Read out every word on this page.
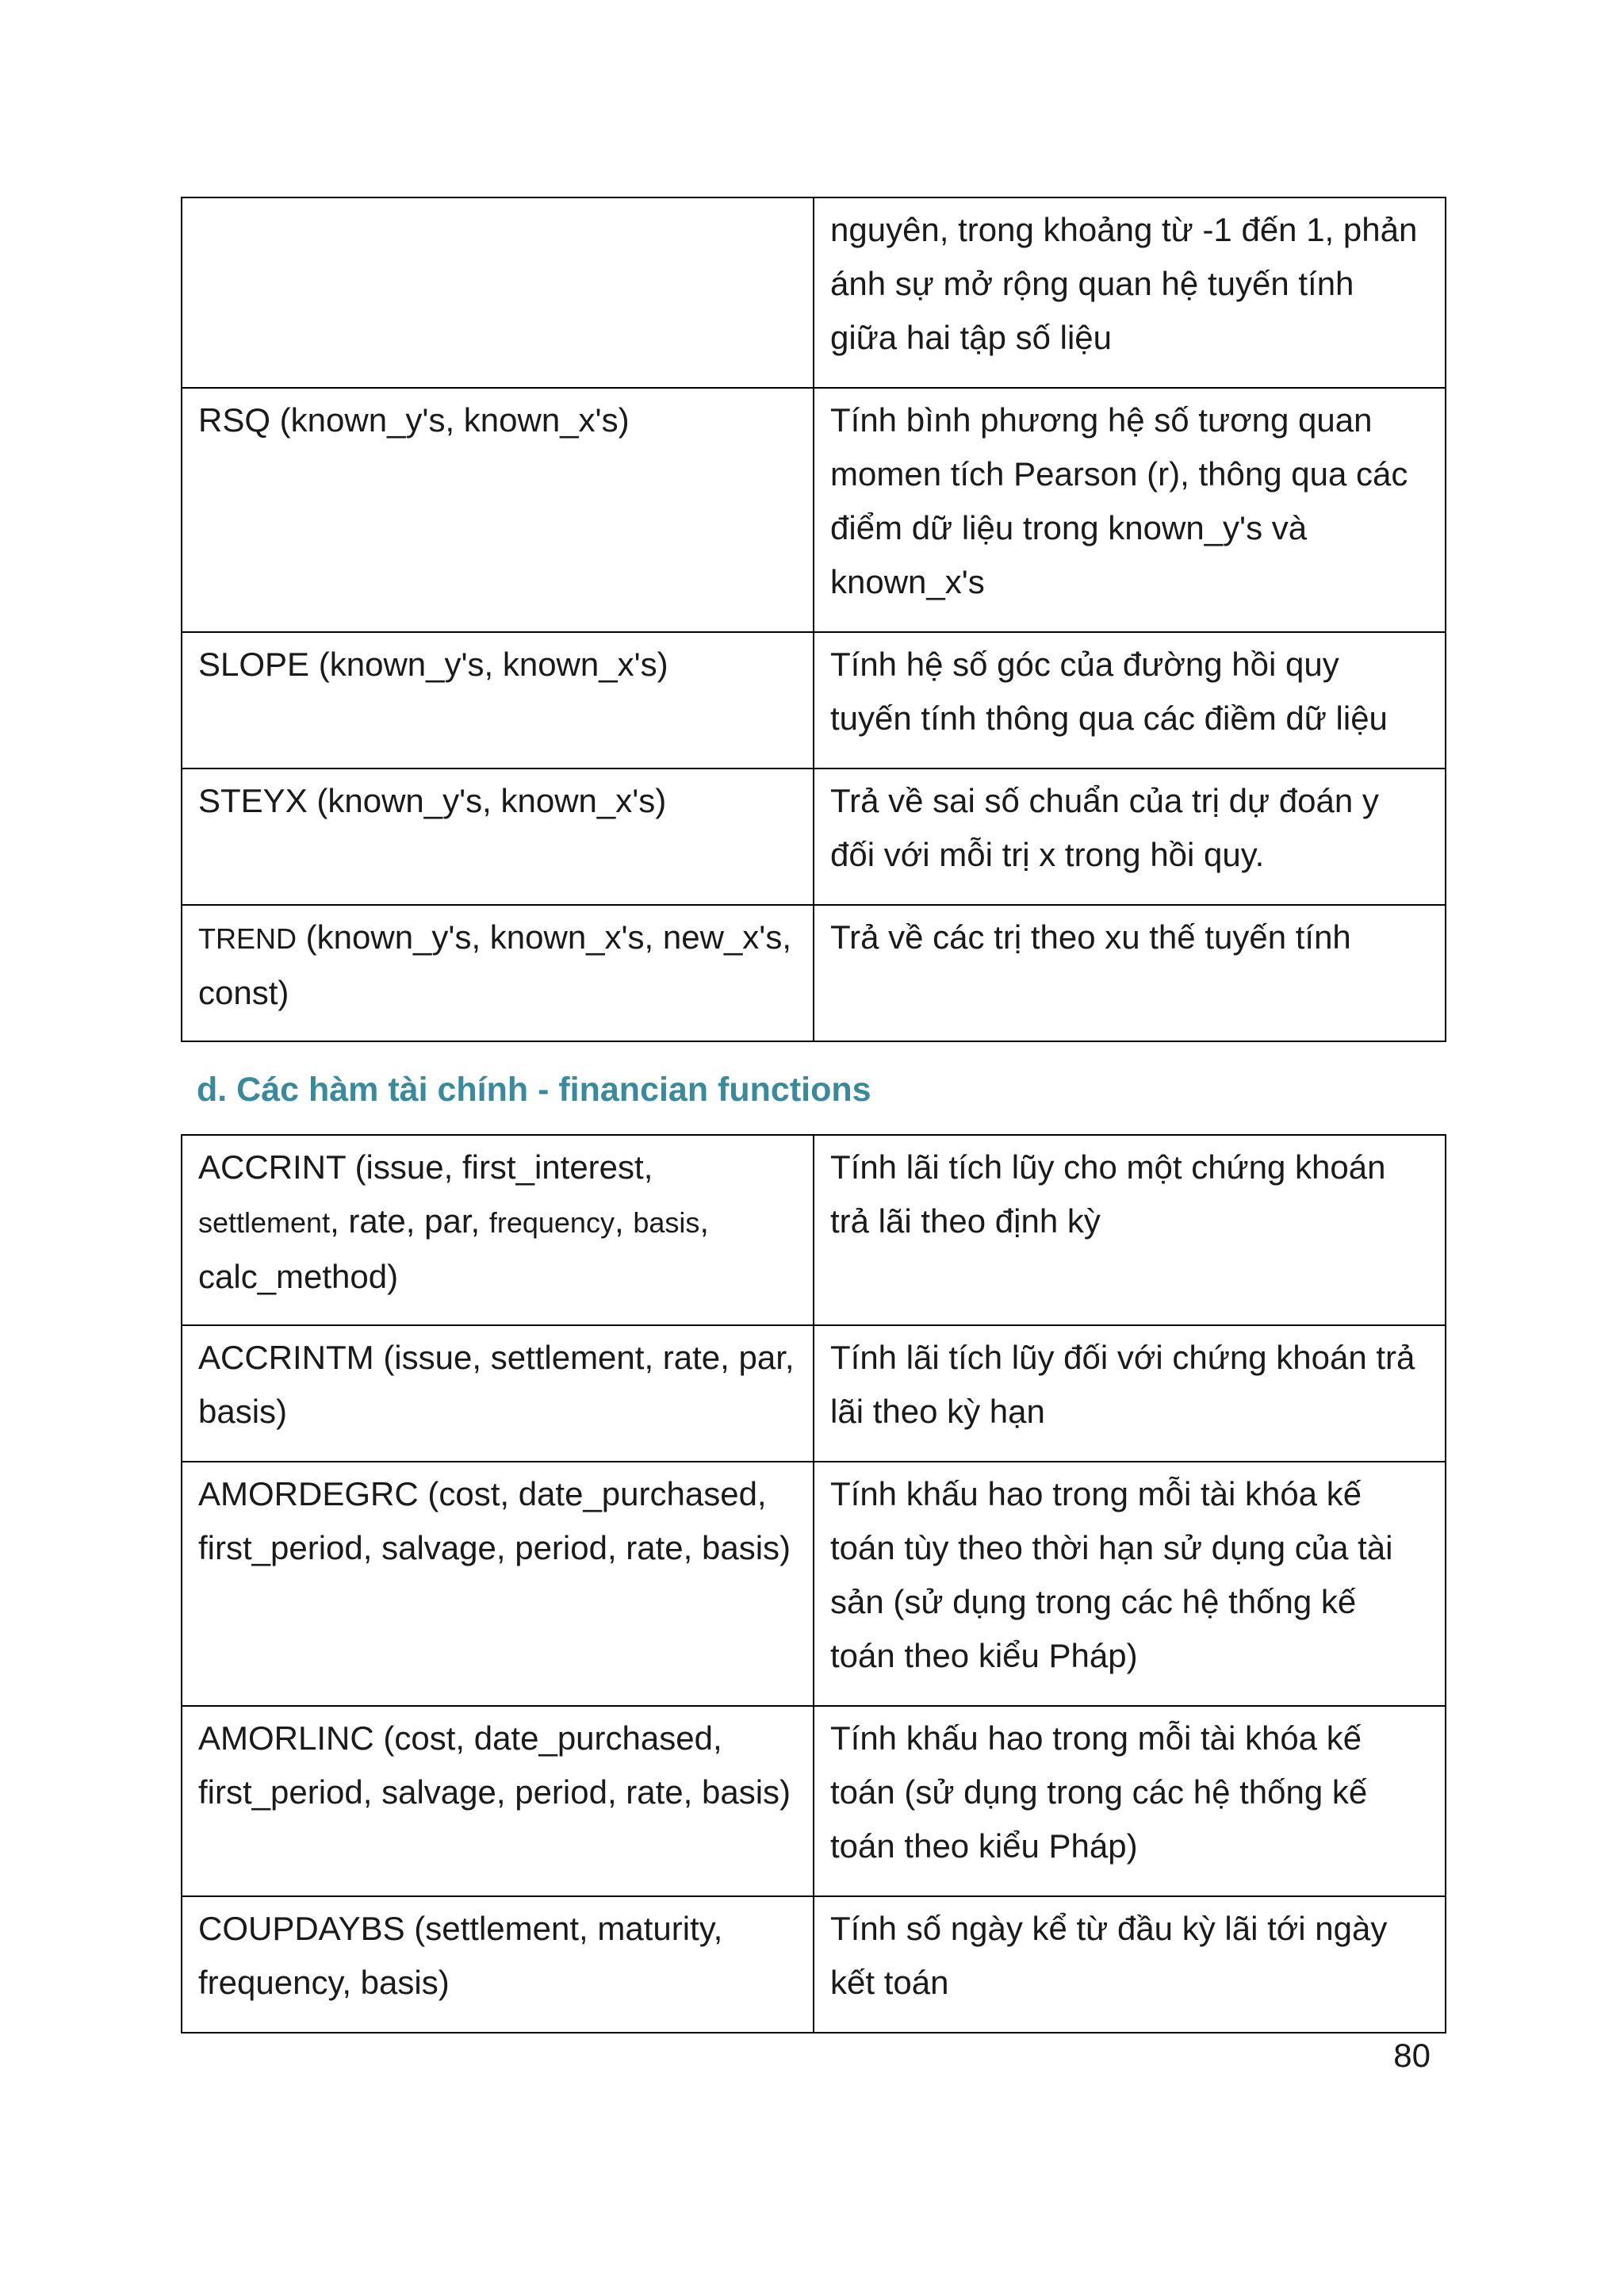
	nguyên, trong khoảng từ -1 đến 1, phản ánh sự mở rộng quan hệ tuyến tính giữa hai tập số liệu
RSQ (known_y's, known_x's)	Tính bình phương hệ số tương quan momen tích Pearson (r), thông qua các điểm dữ liệu trong known_y's và known_x's
SLOPE (known_y's, known_x's)	Tính hệ số góc của đường hồi quy tuyến tính thông qua các điềm dữ liệu
STEYX (known_y's, known_x's)	Trả về sai số chuẩn của trị dự đoán y đối với mỗi trị x trong hồi quy.
TREND (known_y's, known_x's, new_x's, const)	Trả về các trị theo xu thế tuyến tính
d. Các hàm tài chính - financian functions
ACCRINT (issue, first_interest, settlement, rate, par, frequency, basis, calc_method)	Tính lãi tích lũy cho một chứng khoán trả lãi theo định kỳ
ACCRINTM (issue, settlement, rate, par, basis)	Tính lãi tích lũy đối với chứng khoán trả lãi theo kỳ hạn
AMORDEGRC (cost, date_purchased, first_period, salvage, period, rate, basis)	Tính khấu hao trong mỗi tài khóa kế toán tùy theo thời hạn sử dụng của tài sản (sử dụng trong các hệ thống kế toán theo kiểu Pháp)
AMORLINC (cost, date_purchased, first_period, salvage, period, rate, basis)	Tính khấu hao trong mỗi tài khóa kế toán (sử dụng trong các hệ thống kế toán theo kiểu Pháp)
COUPDAYBS (settlement, maturity, frequency, basis)	Tính số ngày kể từ đầu kỳ lãi tới ngày kết toán
80
